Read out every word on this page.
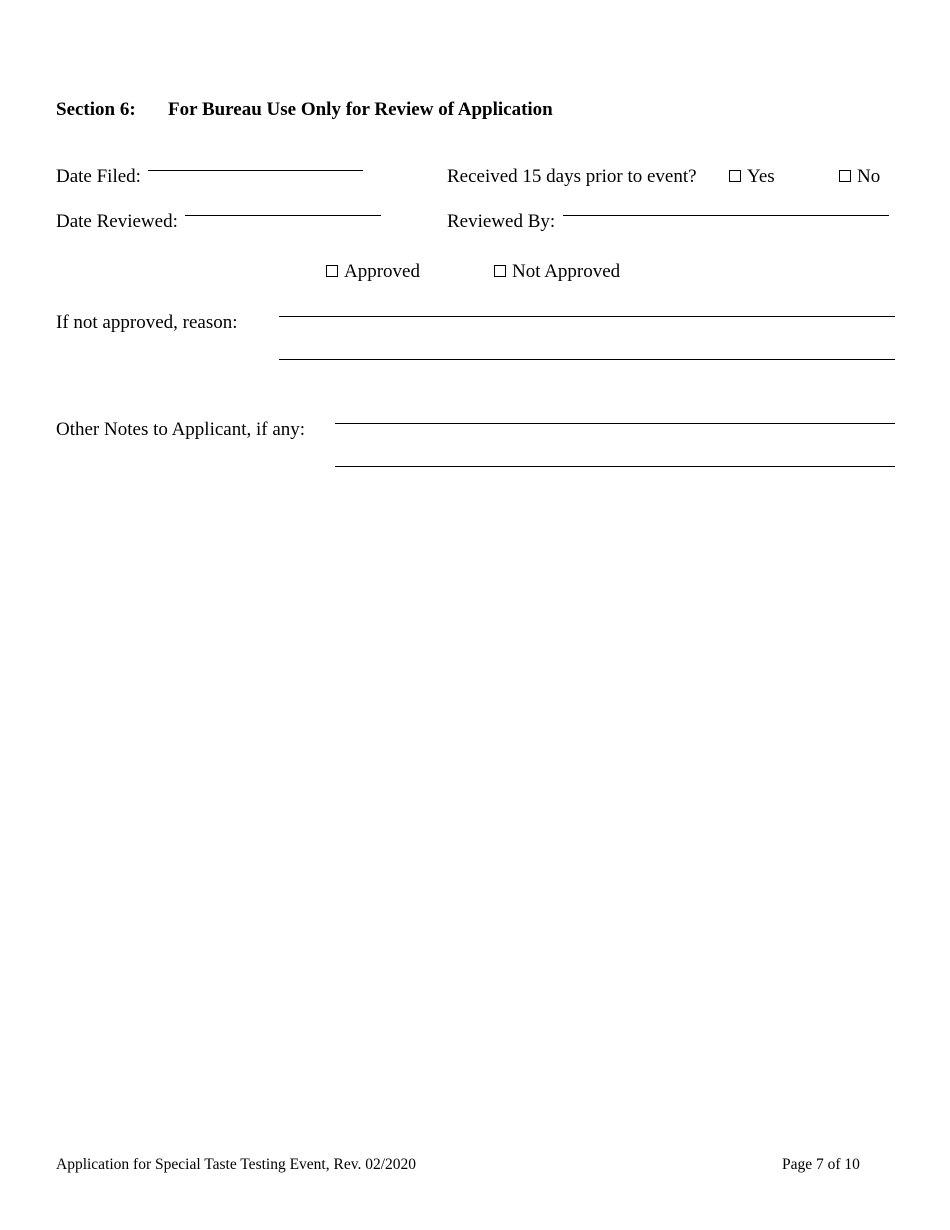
Section 6: For Bureau Use Only for Review of Application
Date Filed:	Received 15 days prior to event?	Yes	No
Date Reviewed:	Reviewed By:
Approved	Not Approved
If not approved, reason:
Other Notes to Applicant, if any:
Application for Special Taste Testing Event, Rev. 02/2020	Page 7 of 10
